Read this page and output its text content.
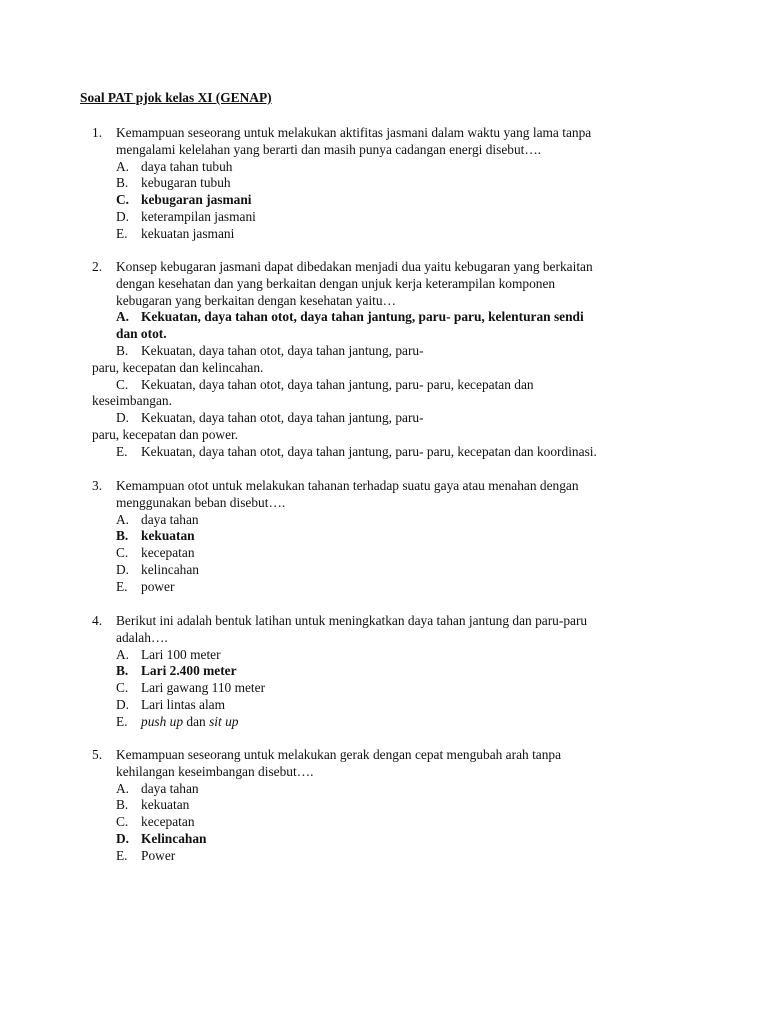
Soal PAT pjok kelas XI (GENAP)
1.	Kemampuan seseorang untuk melakukan aktifitas jasmani dalam waktu yang lama tanpa
mengalami kelelahan yang berarti dan masih punya cadangan energi disebut….
A. daya tahan tubuh
B. kebugaran tubuh
C. kebugaran jasmani
D. keterampilan jasmani
E. kekuatan jasmani
2.	Konsep kebugaran jasmani dapat dibedakan menjadi dua yaitu kebugaran yang berkaitan
dengan kesehatan dan yang berkaitan dengan unjuk kerja keterampilan komponen
kebugaran yang berkaitan dengan kesehatan yaitu…
A. Kekuatan, daya tahan otot, daya tahan jantung, paru- paru, kelenturan sendi
dan otot.
B. Kekuatan, daya tahan otot, daya tahan jantung, paru-
paru, kecepatan dan kelincahan.
C. Kekuatan, daya tahan otot, daya tahan jantung, paru- paru, kecepatan dan
keseimbangan.
D. Kekuatan, daya tahan otot, daya tahan jantung, paru-
paru, kecepatan dan power.
E. Kekuatan, daya tahan otot, daya tahan jantung, paru- paru, kecepatan dan koordinasi.
3.	Kemampuan otot untuk melakukan tahanan terhadap suatu gaya atau menahan dengan
menggunakan beban disebut….
A. daya tahan
B. kekuatan
C. kecepatan
D. kelincahan
E. power
4.	Berikut ini adalah bentuk latihan untuk meningkatkan daya tahan jantung dan paru-paru
adalah….
A. Lari 100 meter
B. Lari 2.400 meter
C. Lari gawang 110 meter
D. Lari lintas alam
E. push up dan sit up
5.	Kemampuan seseorang untuk melakukan gerak dengan cepat mengubah arah tanpa
kehilangan keseimbangan disebut….
A. daya tahan
B. kekuatan
C. kecepatan
D. Kelincahan
E. Power
